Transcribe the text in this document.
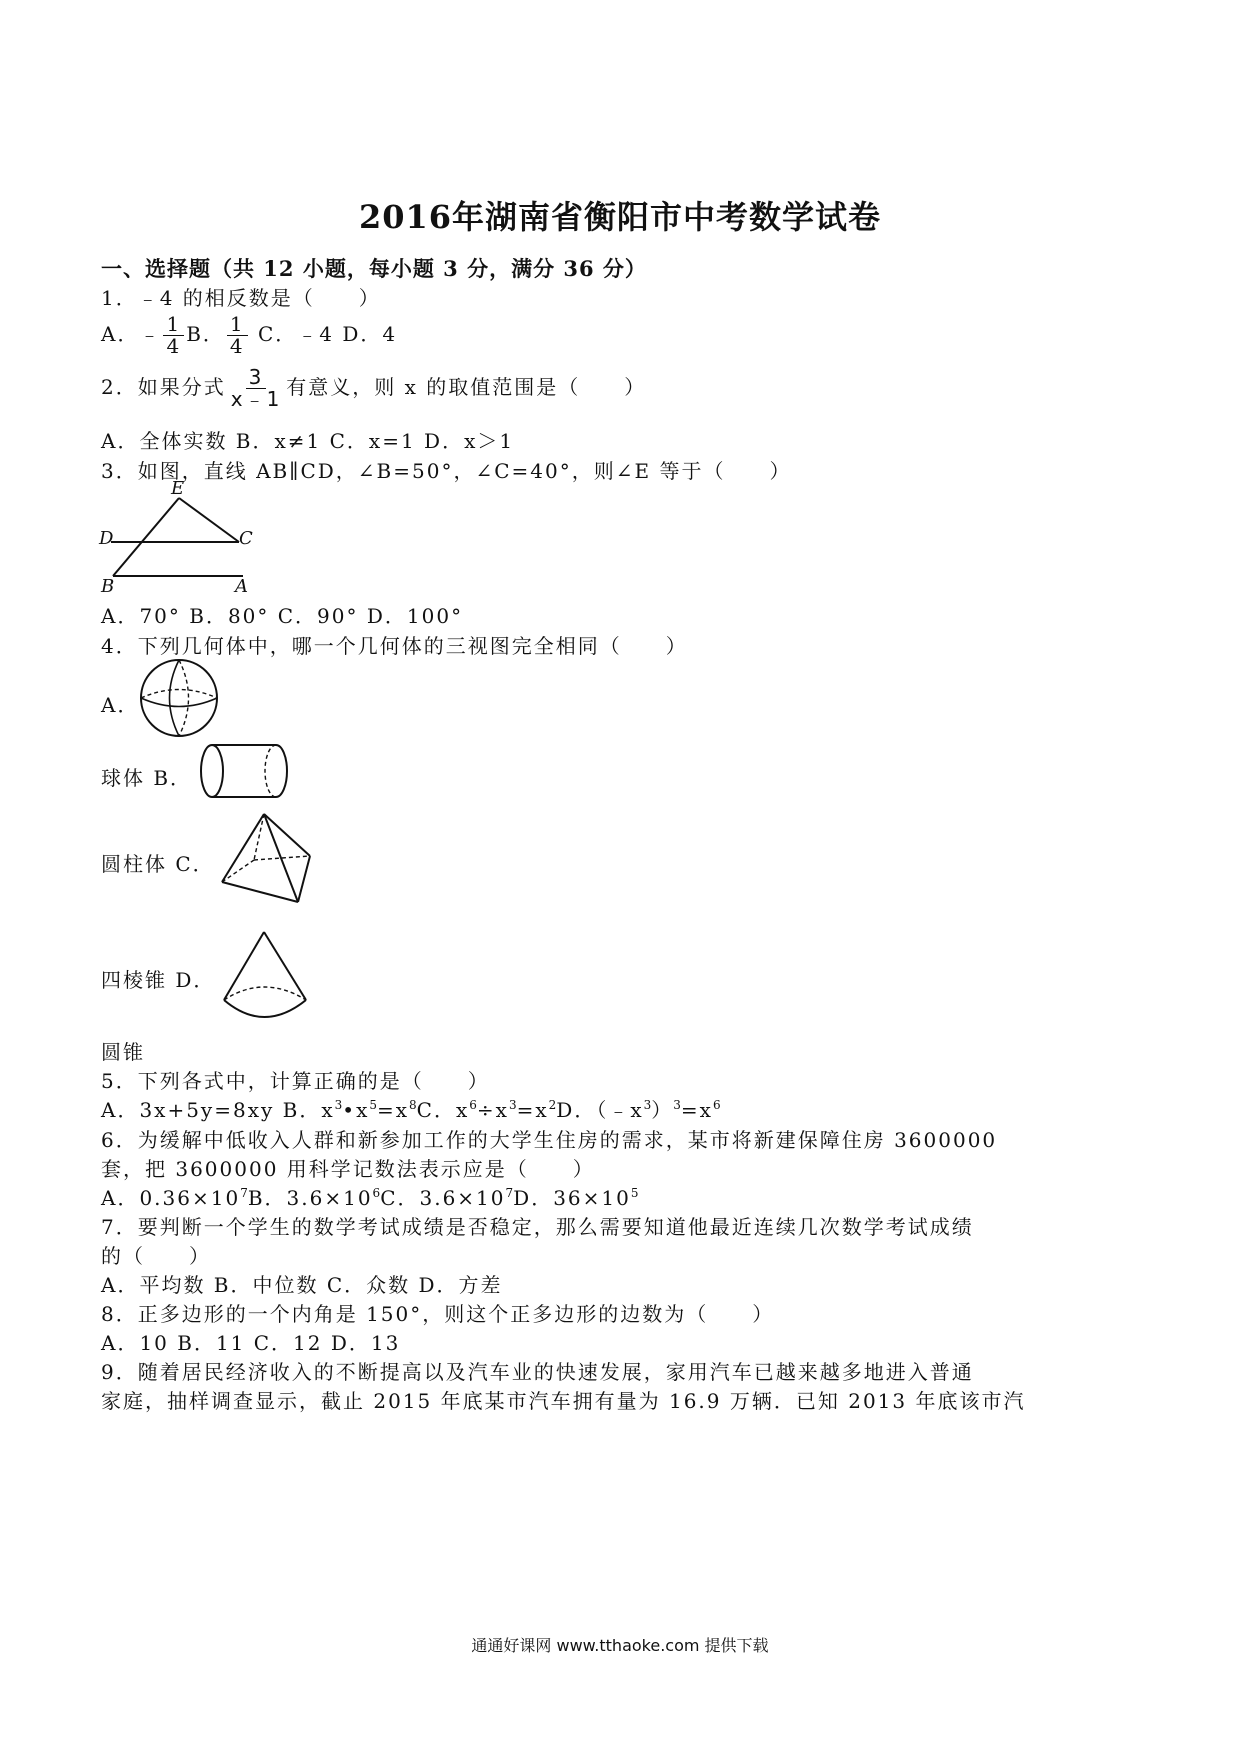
2016年湖南省衡阳市中考数学试卷
一、选择题（共 12 小题，每小题 3 分，满分 36 分）
1．﹣4 的相反数是（　　）
A．﹣ $\frac{1}{4}$ B． $\frac{1}{4}$ C．﹣4 D．4
2．如果分式 $\frac{3}{x﹣1}$ 有意义，则 x 的取值范围是（　　）
A．全体实数 B．x≠1 C．x=1 D．x＞1
3．如图，直线 AB∥CD，∠B=50°，∠C=40°，则∠E 等于（　　）
E
D	C
B	A
A．70° B．80° C．90° D．100°
4．下列几何体中，哪一个几何体的三视图完全相同（　　）
A．
球体 B．
圆柱体 C．
四棱锥 D．
圆锥
5．下列各式中，计算正确的是（　　）
A．3x+5y=8xy B．$x^3•x^5=x^8C$．$x^6\div x^3=x^2D$．$(﹣x^3)^3=x^6$
6．为缓解中低收入人群和新参加工作的大学生住房的需求，某市将新建保障住房 3600000
套，把 3600000 用科学记数法表示应是（　　）
A．$0.36\times 10^7B$．$3.6\times 10^6C$．$3.6\times 10^7D$．$36\times 10^5$
7．要判断一个学生的数学考试成绩是否稳定，那么需要知道他最近连续几次数学考试成绩
的（　　）
A．平均数 B．中位数 C．众数 D．方差
8．正多边形的一个内角是 150°，则这个正多边形的边数为（　　）
A．10 B．11 C．12 D．13
9．随着居民经济收入的不断提高以及汽车业的快速发展，家用汽车已越来越多地进入普通
家庭，抽样调查显示，截止 2015 年底某市汽车拥有量为 16.9 万辆．已知 2013 年底该市汽
通通好课网 www.tthaoke.com 提供下载
